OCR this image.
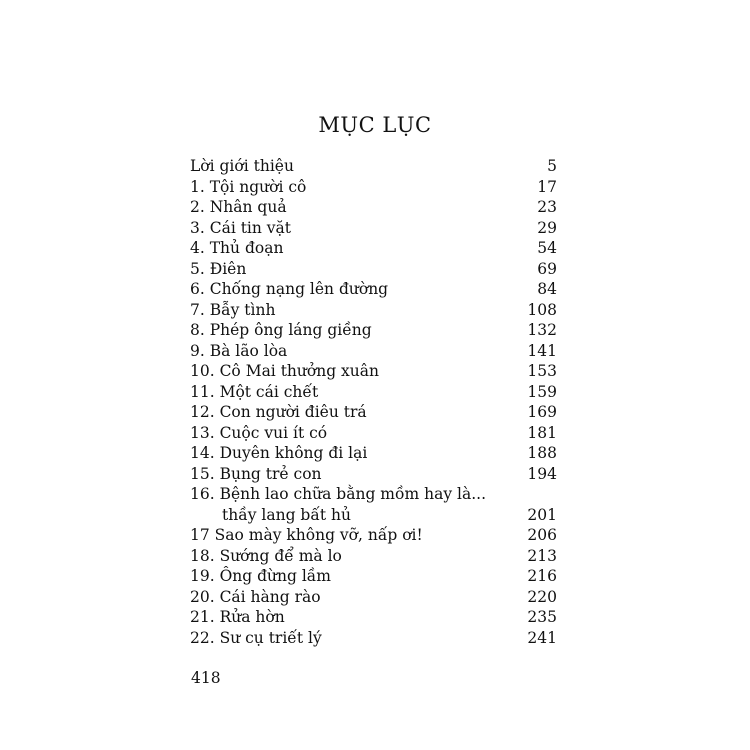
MỤC LỤC
Lời giới thiệu	5
1. Tội người cô	17
2. Nhân quả	23
3. Cái tin vặt	29
4. Thủ đoạn	54
5. Điên	69
6. Chống nạng lên đường	84
7. Bẫy tình	108
8. Phép ông láng giềng	132
9. Bà lão lòa	141
10. Cô Mai thưởng xuân	153
11. Một cái chết	159
12. Con người điêu trá	169
13. Cuộc vui ít có	181
14. Duyên không đi lại	188
15. Bụng trẻ con	194
16. Bệnh lao chữa bằng mồm hay là...
thầy lang bất hủ	201
17 Sao mày không vỡ, nấp ơi!	206
18. Sướng để mà lo	213
19. Ông đừng lầm	216
20. Cái hàng rào	220
21. Rửa hờn	235
22. Sư cụ triết lý	241
418
